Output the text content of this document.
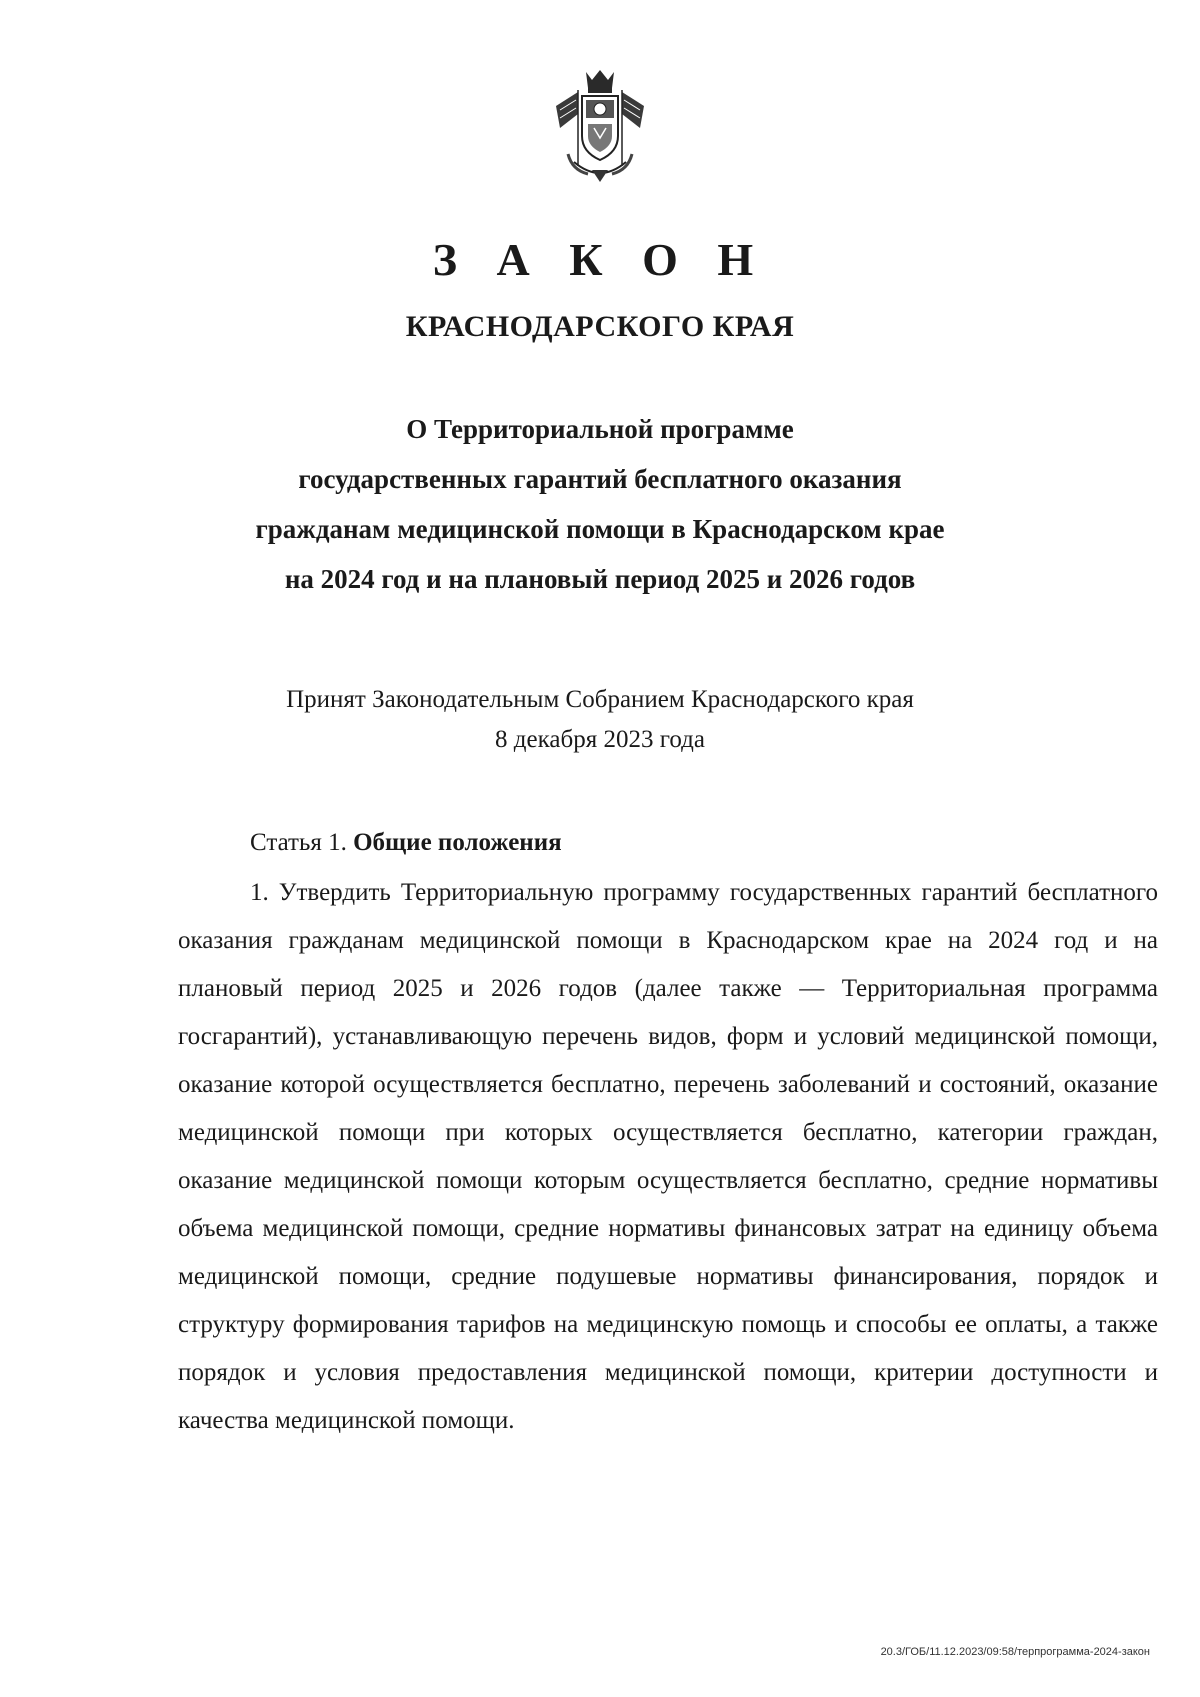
З А К О Н
КРАСНОДАРСКОГО КРАЯ
О Территориальной программе
государственных гарантий бесплатного оказания
гражданам медицинской помощи в Краснодарском крае
на 2024 год и на плановый период 2025 и 2026 годов
Принят Законодательным Собранием Краснодарского края
8 декабря 2023 года
Статья 1. Общие положения
1. Утвердить Территориальную программу государственных гарантий бесплатного оказания гражданам медицинской помощи в Краснодарском крае на 2024 год и на плановый период 2025 и 2026 годов (далее также — Территориальная программа госгарантий), устанавливающую перечень видов, форм и условий медицинской помощи, оказание которой осуществляется бесплатно, перечень заболеваний и состояний, оказание медицинской помощи при которых осуществляется бесплатно, категории граждан, оказание медицинской помощи которым осуществляется бесплатно, средние нормативы объема медицинской помощи, средние нормативы финансовых затрат на единицу объема медицинской помощи, средние подушевые нормативы финансирования, порядок и структуру формирования тарифов на медицинскую помощь и способы ее оплаты, а также порядок и условия предоставления медицинской помощи, критерии доступности и качества медицинской помощи.
20.3/ГОБ/11.12.2023/09:58/терпрограмма-2024-закон
